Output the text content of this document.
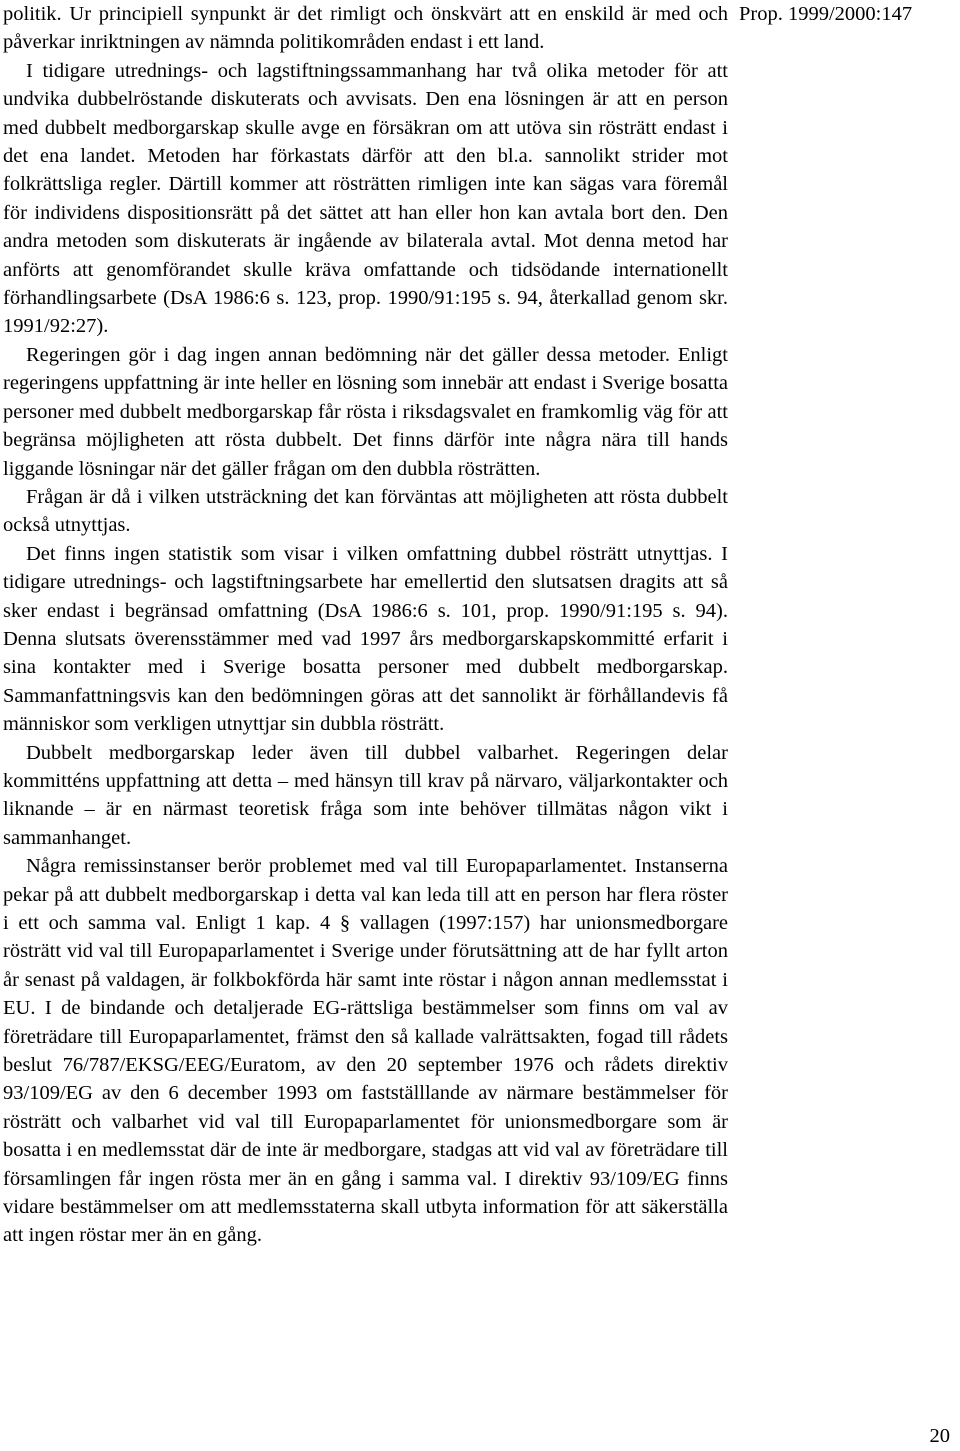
Prop. 1999/2000:147

politik. Ur principiell synpunkt är det rimligt och önskvärt att en enskild är med och påverkar inriktningen av nämnda politikområden endast i ett land.

I tidigare utrednings- och lagstiftningssammanhang har två olika metoder för att undvika dubbelröstande diskuterats och avvisats. Den ena lösningen är att en person med dubbelt medborgarskap skulle avge en försäkran om att utöva sin rösträtt endast i det ena landet. Metoden har förkastats därför att den bl.a. sannolikt strider mot folkrättsliga regler. Därtill kommer att rösträtten rimligen inte kan sägas vara föremål för individens dispositionsrätt på det sättet att han eller hon kan avtala bort den. Den andra metoden som diskuterats är ingående av bilaterala avtal. Mot denna metod har anförts att genomförandet skulle kräva omfattande och tidsödande internationellt förhandlingsarbete (DsA 1986:6 s. 123, prop. 1990/91:195 s. 94, återkallad genom skr. 1991/92:27).

Regeringen gör i dag ingen annan bedömning när det gäller dessa metoder. Enligt regeringens uppfattning är inte heller en lösning som innebär att endast i Sverige bosatta personer med dubbelt medborgarskap får rösta i riksdagsvalet en framkomlig väg för att begränsa möjligheten att rösta dubbelt. Det finns därför inte några nära till hands liggande lösningar när det gäller frågan om den dubbla rösträtten.

Frågan är då i vilken utsträckning det kan förväntas att möjligheten att rösta dubbelt också utnyttjas.

Det finns ingen statistik som visar i vilken omfattning dubbel rösträtt utnyttjas. I tidigare utrednings- och lagstiftningsarbete har emellertid den slutsatsen dragits att så sker endast i begränsad omfattning (DsA 1986:6 s. 101, prop. 1990/91:195 s. 94). Denna slutsats överensstämmer med vad 1997 års medborgarskapskommitté erfarit i sina kontakter med i Sverige bosatta personer med dubbelt medborgarskap. Sammanfattningsvis kan den bedömningen göras att det sannolikt är förhållandevis få människor som verkligen utnyttjar sin dubbla rösträtt.

Dubbelt medborgarskap leder även till dubbel valbarhet. Regeringen delar kommitténs uppfattning att detta – med hänsyn till krav på närvaro, väljarkontakter och liknande – är en närmast teoretisk fråga som inte behöver tillmätas någon vikt i sammanhanget.

Några remissinstanser berör problemet med val till Europaparlamentet. Instanserna pekar på att dubbelt medborgarskap i detta val kan leda till att en person har flera röster i ett och samma val. Enligt 1 kap. 4 § vallagen (1997:157) har unionsmedborgare rösträtt vid val till Europaparlamentet i Sverige under förutsättning att de har fyllt arton år senast på valdagen, är folkbokförda här samt inte röstar i någon annan medlemsstat i EU. I de bindande och detaljerade EG-rättsliga bestämmelser som finns om val av företrädare till Europaparlamentet, främst den så kallade valrättsakten, fogad till rådets beslut 76/787/EKSG/EEG/Euratom, av den 20 september 1976 och rådets direktiv 93/109/EG av den 6 december 1993 om fastställlande av närmare bestämmelser för rösträtt och valbarhet vid val till Europaparlamentet för unionsmedborgare som är bosatta i en medlemsstat där de inte är medborgare, stadgas att vid val av företrädare till församlingen får ingen rösta mer än en gång i samma val. I direktiv 93/109/EG finns vidare bestämmelser om att medlemsstaterna skall utbyta information för att säkerställa att ingen röstar mer än en gång.

20
